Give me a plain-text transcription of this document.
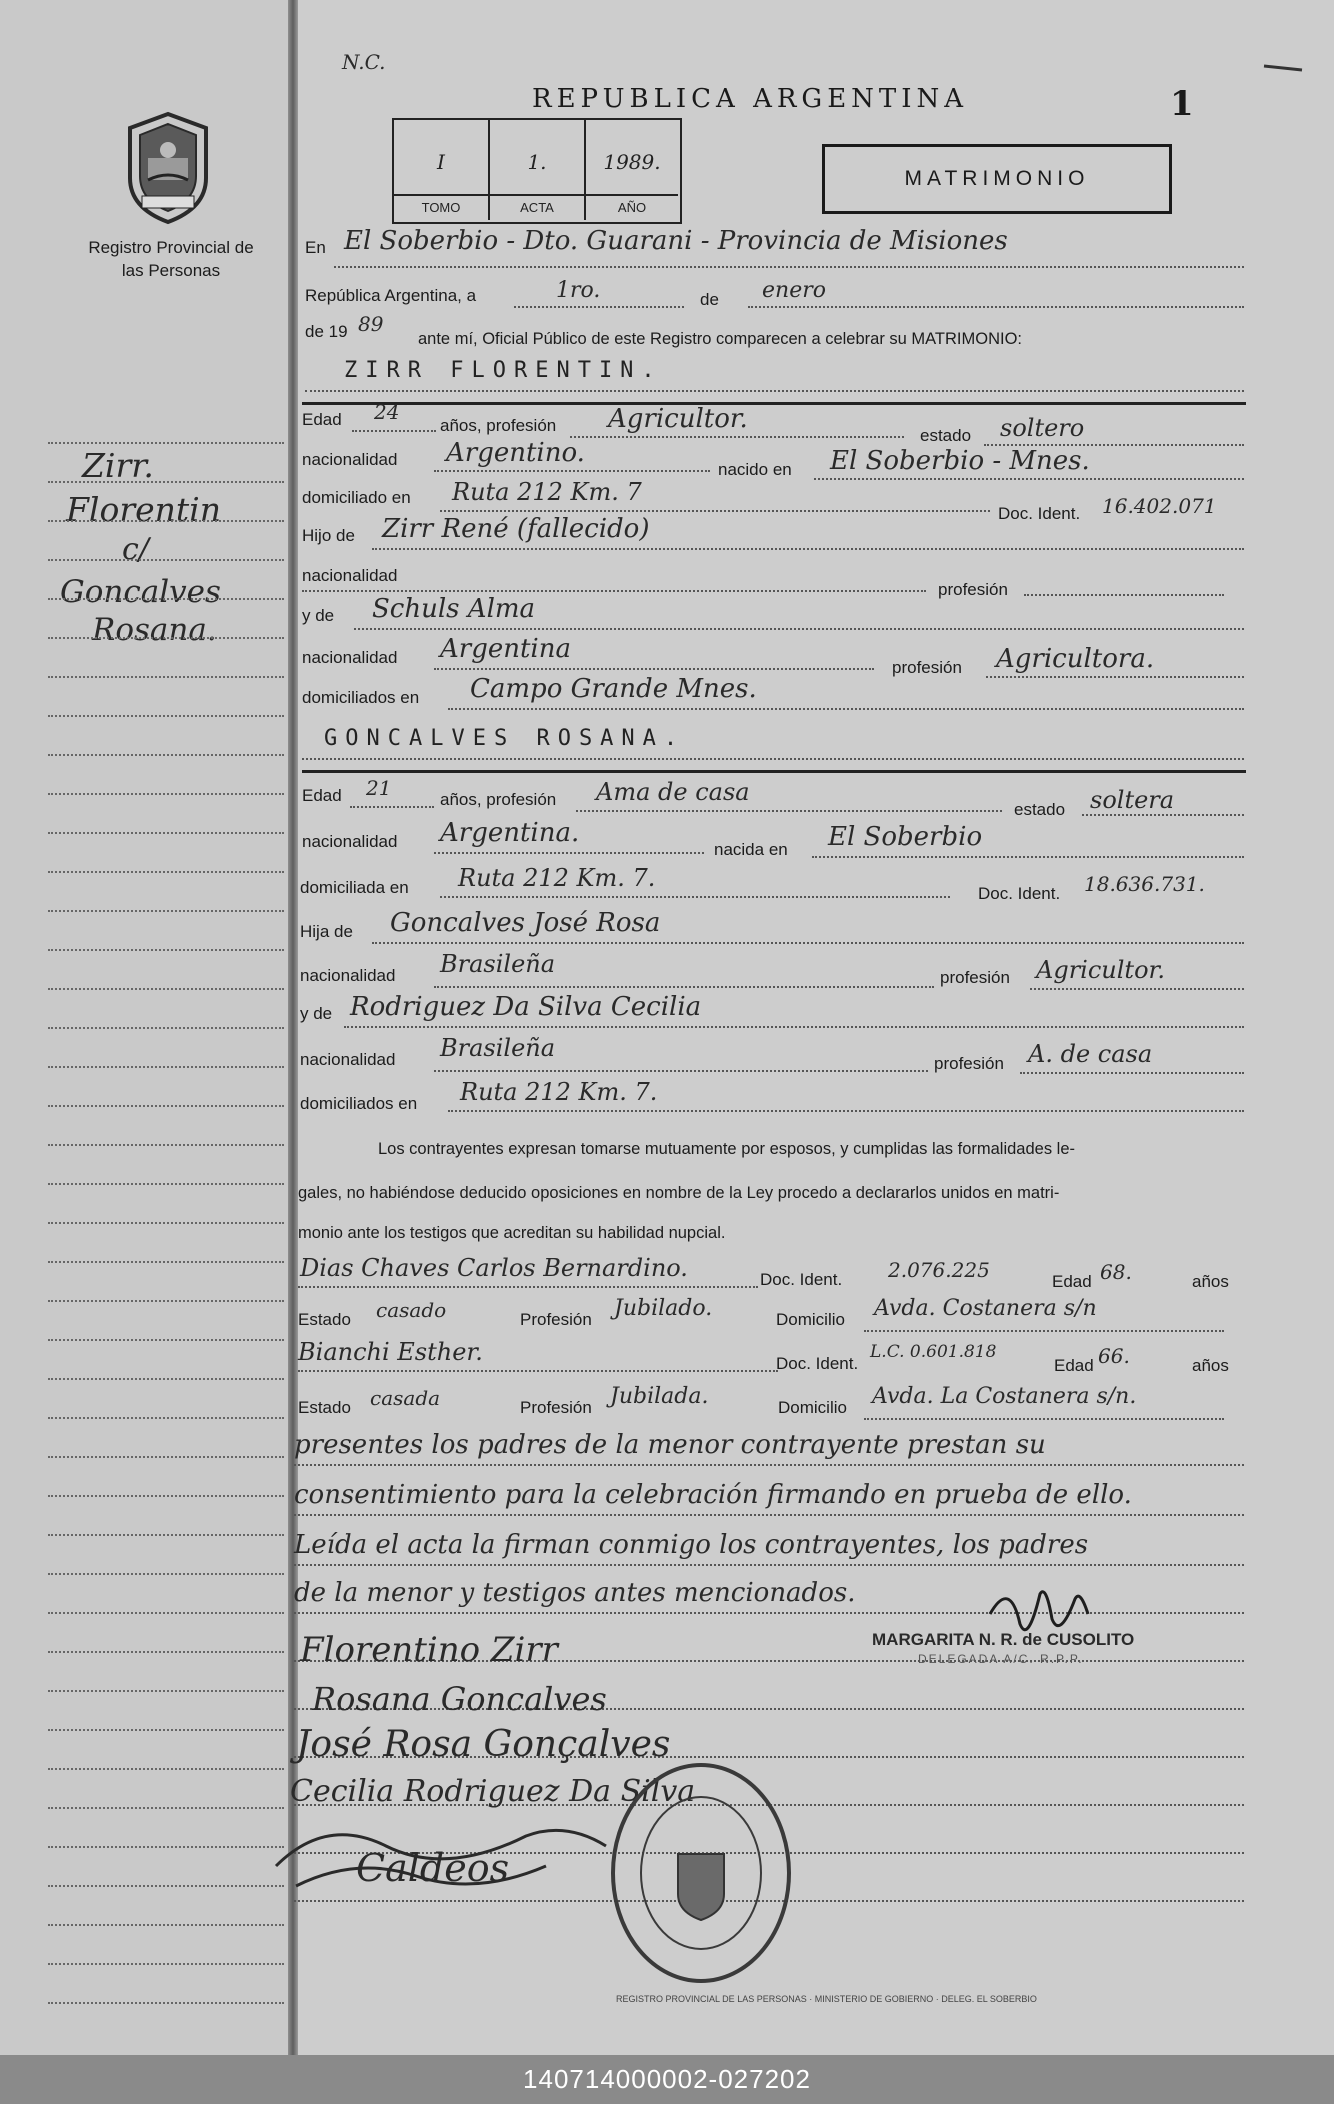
Registro Provincial de las Personas
Zirr.
Florentin
c/
Goncalves
Rosana.
N.C.
REPUBLICA ARGENTINA	1
I
TOMO
1.
ACTA
1989.
AÑO
MATRIMONIO
En El Soberbio - Dto. Guarani - Provincia de Misiones
República Argentina, a	1ro.	de enero
de 19 89
ante mí, Oficial Público de este Registro comparecen a celebrar su MATRIMONIO:
ZIRR FLORENTIN.
Edad 24
años, profesión Agricultor.
estado soltero
nacionalidad Argentino.
nacido en El Soberbio - Mnes.
domiciliado en Ruta 212 Km. 7
Doc. Ident. 16.402.071
Hijo de Zirr René (fallecido)
nacionalidad
profesión
y de Schuls Alma
nacionalidad Argentina
profesión Agricultora.
domiciliados en Campo Grande Mnes.
GONCALVES ROSANA.
Edad 21	años, profesión Ama de casa
estado soltera
nacionalidad Argentina.
nacida en El Soberbio
domiciliada en Ruta 212 Km. 7.
Doc. Ident. 18.636.731.
Hija de Goncalves José Rosa
nacionalidad Brasileña	profesión Agricultor.
y de Rodriguez Da Silva Cecilia
nacionalidad Brasileña
profesión A. de casa
domiciliados en Ruta 212 Km. 7.
Los contrayentes expresan tomarse mutuamente por esposos, y cumplidas las formalidades le-
gales, no habiéndose deducido oposiciones en nombre de la Ley procedo a declararlos unidos en matri-
monio ante los testigos que acreditan su habilidad nupcial.
Dias Chaves Carlos Bernardino.	Doc. Ident. 2.076.225	Edad 68.	años
Estado casado	Profesión Jubilado.	Domicilio Avda. Costanera s/n
Bianchi Esther.	Doc. Ident.
L.C. 0.601.818
Edad 66.	años
Estado casada	Profesión Jubilada.	Domicilio Avda. La Costanera s/n.
presentes los padres de la menor contrayente prestan su
consentimiento para la celebración firmando en prueba de ello.
Leída el acta la firman conmigo los contrayentes, los padres
de la menor y testigos antes mencionados.
MARGARITA N. R. de CUSOLITO
DELEGADA A/C. R.P.P.
Florentino Zirr
Rosana Goncalves
José Rosa Gonçalves
Cecilia Rodriguez Da Silva
Caldeos
REGISTRO PROVINCIAL DE LAS PERSONAS · MINISTERIO DE GOBIERNO · DELEG. EL SOBERBIO
140714000002-027202
